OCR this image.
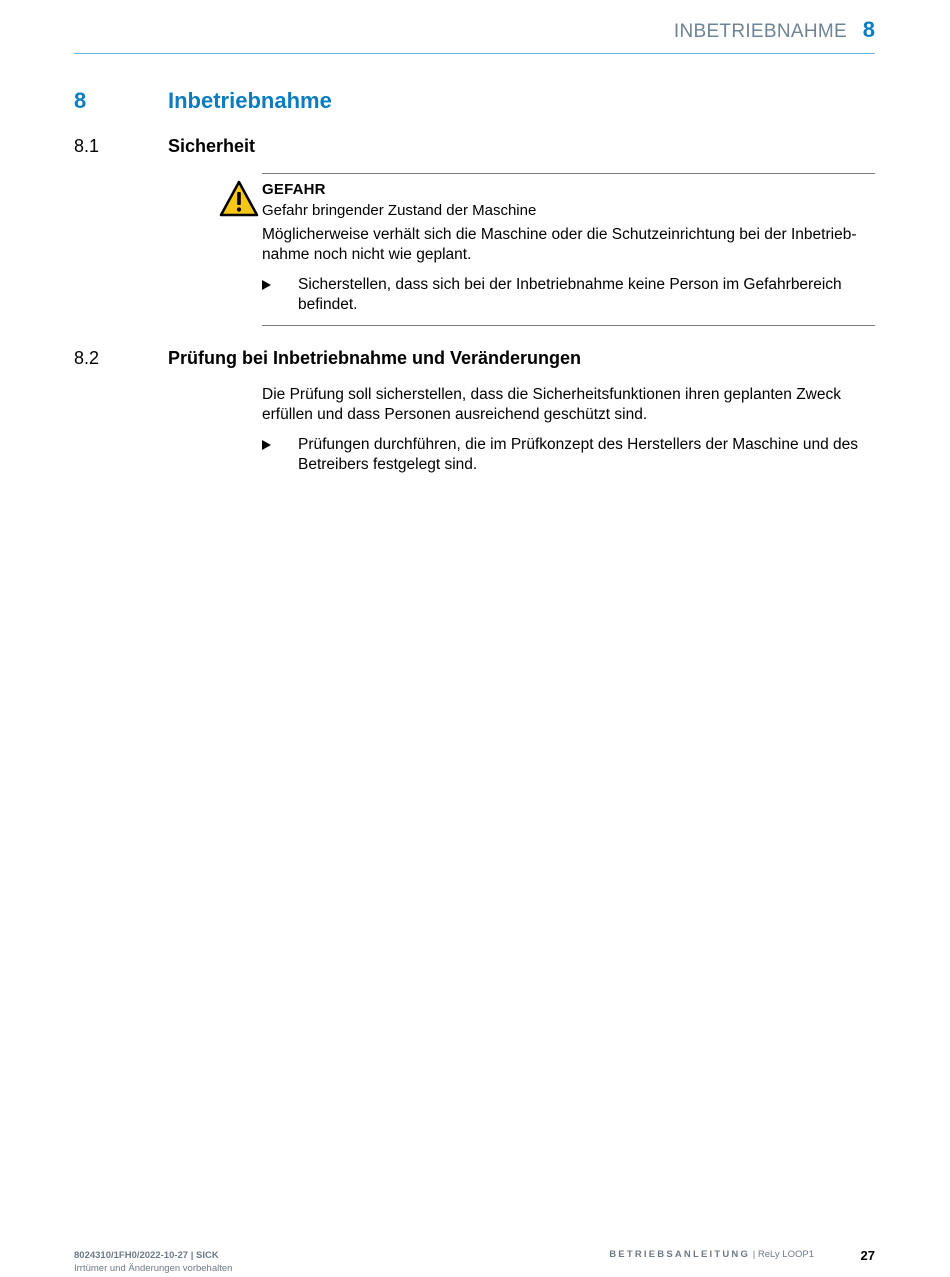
INBETRIEBNAHME 8
8	Inbetriebnahme
8.1	Sicherheit
GEFAHR
Gefahr bringender Zustand der Maschine
Möglicherweise verhält sich die Maschine oder die Schutzeinrichtung bei der Inbetrieb-nahme noch nicht wie geplant.
Sicherstellen, dass sich bei der Inbetriebnahme keine Person im Gefahrbereich befindet.
8.2	Prüfung bei Inbetriebnahme und Veränderungen
Die Prüfung soll sicherstellen, dass die Sicherheitsfunktionen ihren geplanten Zweck erfüllen und dass Personen ausreichend geschützt sind.
Prüfungen durchführen, die im Prüfkonzept des Herstellers der Maschine und des Betreibers festgelegt sind.
8024310/1FH0/2022-10-27 | SICK
Irrtümer und Änderungen vorbehalten
BETRIEBSANLEITUNG | ReLy LOOP1	27
